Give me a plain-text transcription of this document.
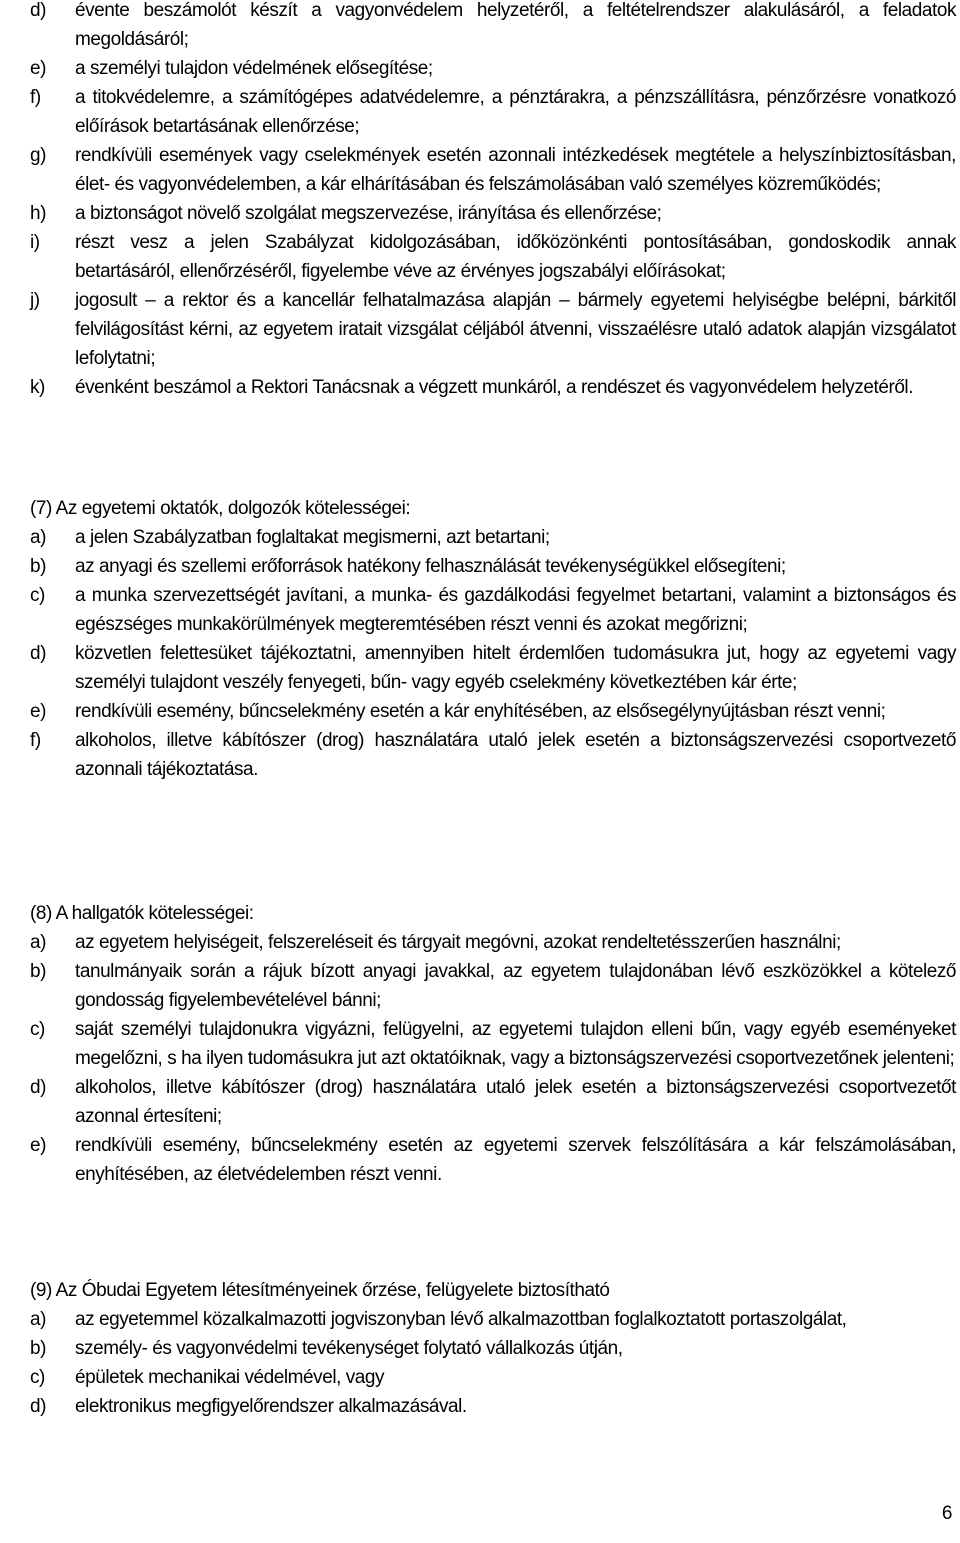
d)	évente beszámolót készít a vagyonvédelem helyzetéről, a feltételrendszer alakulásáról, a feladatok megoldásáról;
e)	a személyi tulajdon védelmének elősegítése;
f)	a titokvédelemre, a számítógépes adatvédelemre, a pénztárakra, a pénzszállításra, pénzőrzésre vonatkozó előírások betartásának ellenőrzése;
g)	rendkívüli események vagy cselekmények esetén azonnali intézkedések megtétele a helyszínbiztosításban, élet- és vagyonvédelemben, a kár elhárításában és felszámolásában való személyes közreműködés;
h)	a biztonságot növelő szolgálat megszervezése, irányítása és ellenőrzése;
i)	részt vesz a jelen Szabályzat kidolgozásában, időközönkénti pontosításában, gondoskodik annak betartásáról, ellenőrzéséről, figyelembe véve az érvényes jogszabályi előírásokat;
j)	jogosult – a rektor és a kancellár felhatalmazása alapján – bármely egyetemi helyiségbe belépni, bárkitől felvilágosítást kérni, az egyetem iratait vizsgálat céljából átvenni, visszaélésre utaló adatok alapján vizsgálatot lefolytatni;
k)	évenként beszámol a Rektori Tanácsnak a végzett munkáról, a rendészet és vagyonvédelem helyzetéről.

(7) Az egyetemi oktatók, dolgozók kötelességei:

a)	a jelen Szabályzatban foglaltakat megismerni, azt betartani;
b)	az anyagi és szellemi erőforrások hatékony felhasználását tevékenységükkel elősegíteni;
c)	a munka szervezettségét javítani, a munka- és gazdálkodási fegyelmet betartani, valamint a biztonságos és egészséges munkakörülmények megteremtésében részt venni és azokat megőrizni;
d)	közvetlen felettesüket tájékoztatni, amennyiben hitelt érdemlően tudomásukra jut, hogy az egyetemi vagy személyi tulajdont veszély fenyegeti, bűn- vagy egyéb cselekmény következtében kár érte;
e)	rendkívüli esemény, bűncselekmény esetén a kár enyhítésében, az elsősegélynyújtásban részt venni;
f)	alkoholos, illetve kábítószer (drog) használatára utaló jelek esetén a biztonságszervezési csoportvezető azonnali tájékoztatása.

(8) A hallgatók kötelességei:

a)	az egyetem helyiségeit, felszereléseit és tárgyait megóvni, azokat rendeltetésszerűen használni;
b)	tanulmányaik során a rájuk bízott anyagi javakkal, az egyetem tulajdonában lévő eszközökkel a kötelező gondosság figyelembevételével bánni;
c)	saját személyi tulajdonukra vigyázni, felügyelni, az egyetemi tulajdon elleni bűn, vagy egyéb eseményeket megelőzni, s ha ilyen tudomásukra jut azt oktatóiknak, vagy a biztonságszervezési csoportvezetőnek jelenteni;
d)	alkoholos, illetve kábítószer (drog) használatára utaló jelek esetén a biztonságszervezési csoportvezetőt azonnal értesíteni;
e)	rendkívüli esemény, bűncselekmény esetén az egyetemi szervek felszólítására a kár felszámolásában, enyhítésében, az életvédelemben részt venni.

(9) Az Óbudai Egyetem létesítményeinek őrzése, felügyelete biztosítható

a)	az egyetemmel közalkalmazotti jogviszonyban lévő alkalmazottban foglalkoztatott portaszolgálat,
b)	személy- és vagyonvédelmi tevékenységet folytató vállalkozás útján,
c)	épületek mechanikai védelmével, vagy
d)	elektronikus megfigyelőrendszer alkalmazásával.
6
